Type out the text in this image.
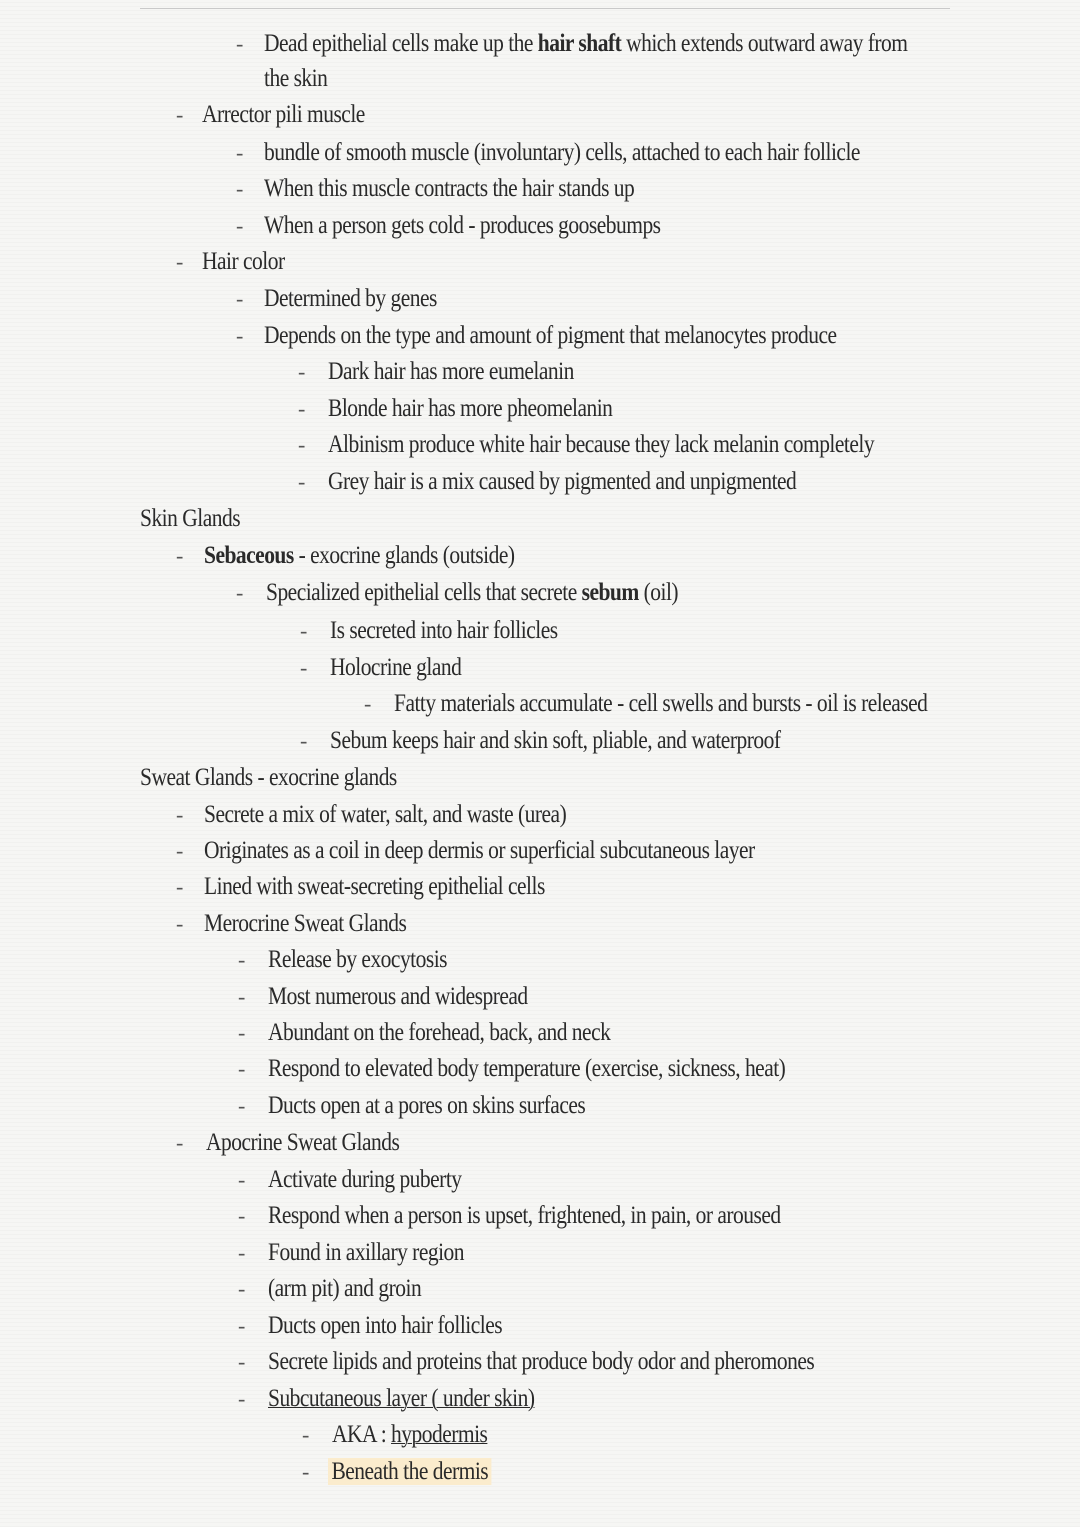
- Dead epithelial cells make up the hair shaft which extends outward away from
the skin
- Arrector pili muscle
- bundle of smooth muscle (involuntary) cells, attached to each hair follicle
- When this muscle contracts the hair stands up
- When a person gets cold - produces goosebumps
- Hair color
- Determined by genes
- Depends on the type and amount of pigment that melanocytes produce
- Dark hair has more eumelanin
- Blonde hair has more pheomelanin
- Albinism produce white hair because they lack melanin completely
- Grey hair is a mix caused by pigmented and unpigmented
Skin Glands
- Sebaceous - exocrine glands (outside)
- Specialized epithelial cells that secrete sebum (oil)
- Is secreted into hair follicles
- Holocrine gland
- Fatty materials accumulate - cell swells and bursts - oil is released
- Sebum keeps hair and skin soft, pliable, and waterproof
Sweat Glands - exocrine glands
- Secrete a mix of water, salt, and waste (urea)
- Originates as a coil in deep dermis or superficial subcutaneous layer
- Lined with sweat-secreting epithelial cells
- Merocrine Sweat Glands
- Release by exocytosis
- Most numerous and widespread
- Abundant on the forehead, back, and neck
- Respond to elevated body temperature (exercise, sickness, heat)
- Ducts open at a pores on skins surfaces
- Apocrine Sweat Glands
- Activate during puberty
- Respond when a person is upset, frightened, in pain, or aroused
- Found in axillary region
- (arm pit) and groin
- Ducts open into hair follicles
- Secrete lipids and proteins that produce body odor and pheromones
- Subcutaneous layer ( under skin)
- AKA : hypodermis
- Beneath the dermis
